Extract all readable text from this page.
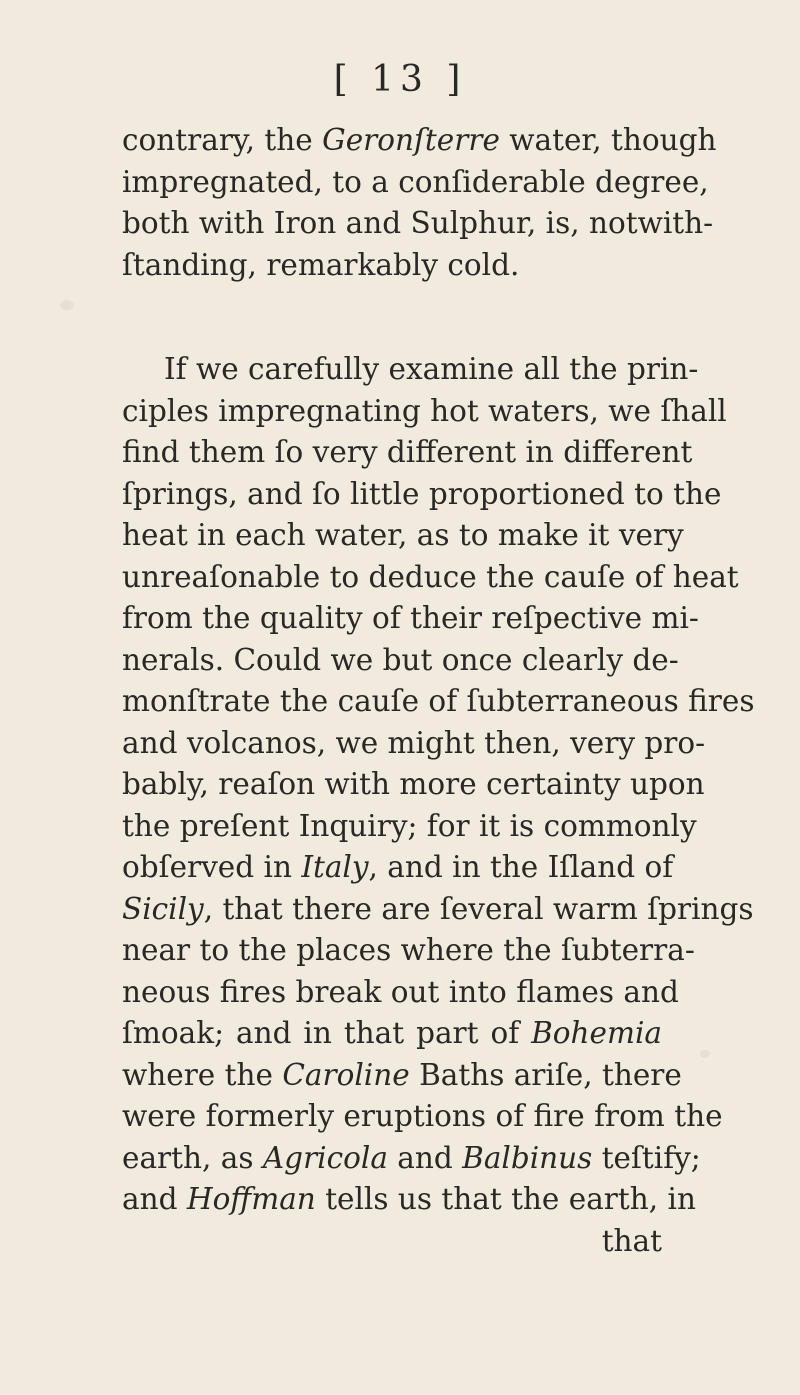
[ 13 ]
contrary, the Geronſterre water, though
impregnated, to a conſiderable degree,
both with Iron and Sulphur, is, notwith-
ſtanding, remarkably cold.
If we carefully examine all the prin-
ciples impregnating hot waters, we ſhall
find them ſo very different in different
ſprings, and ſo little proportioned to the
heat in each water, as to make it very
unreaſonable to deduce the cauſe of heat
from the quality of their reſpective mi-
nerals. Could we but once clearly de-
monſtrate the cauſe of ſubterraneous fires
and volcanos, we might then, very pro-
bably, reaſon with more certainty upon
the preſent Inquiry; for it is commonly
obſerved in Italy, and in the Iſland of
Sicily, that there are ſeveral warm ſprings
near to the places where the ſubterra-
neous fires break out into flames and
ſmoak; and in that part of Bohemia
where the Caroline Baths ariſe, there
were formerly eruptions of fire from the
earth, as Agricola and Balbinus teſtify;
and Hoffman tells us that the earth, in
that
